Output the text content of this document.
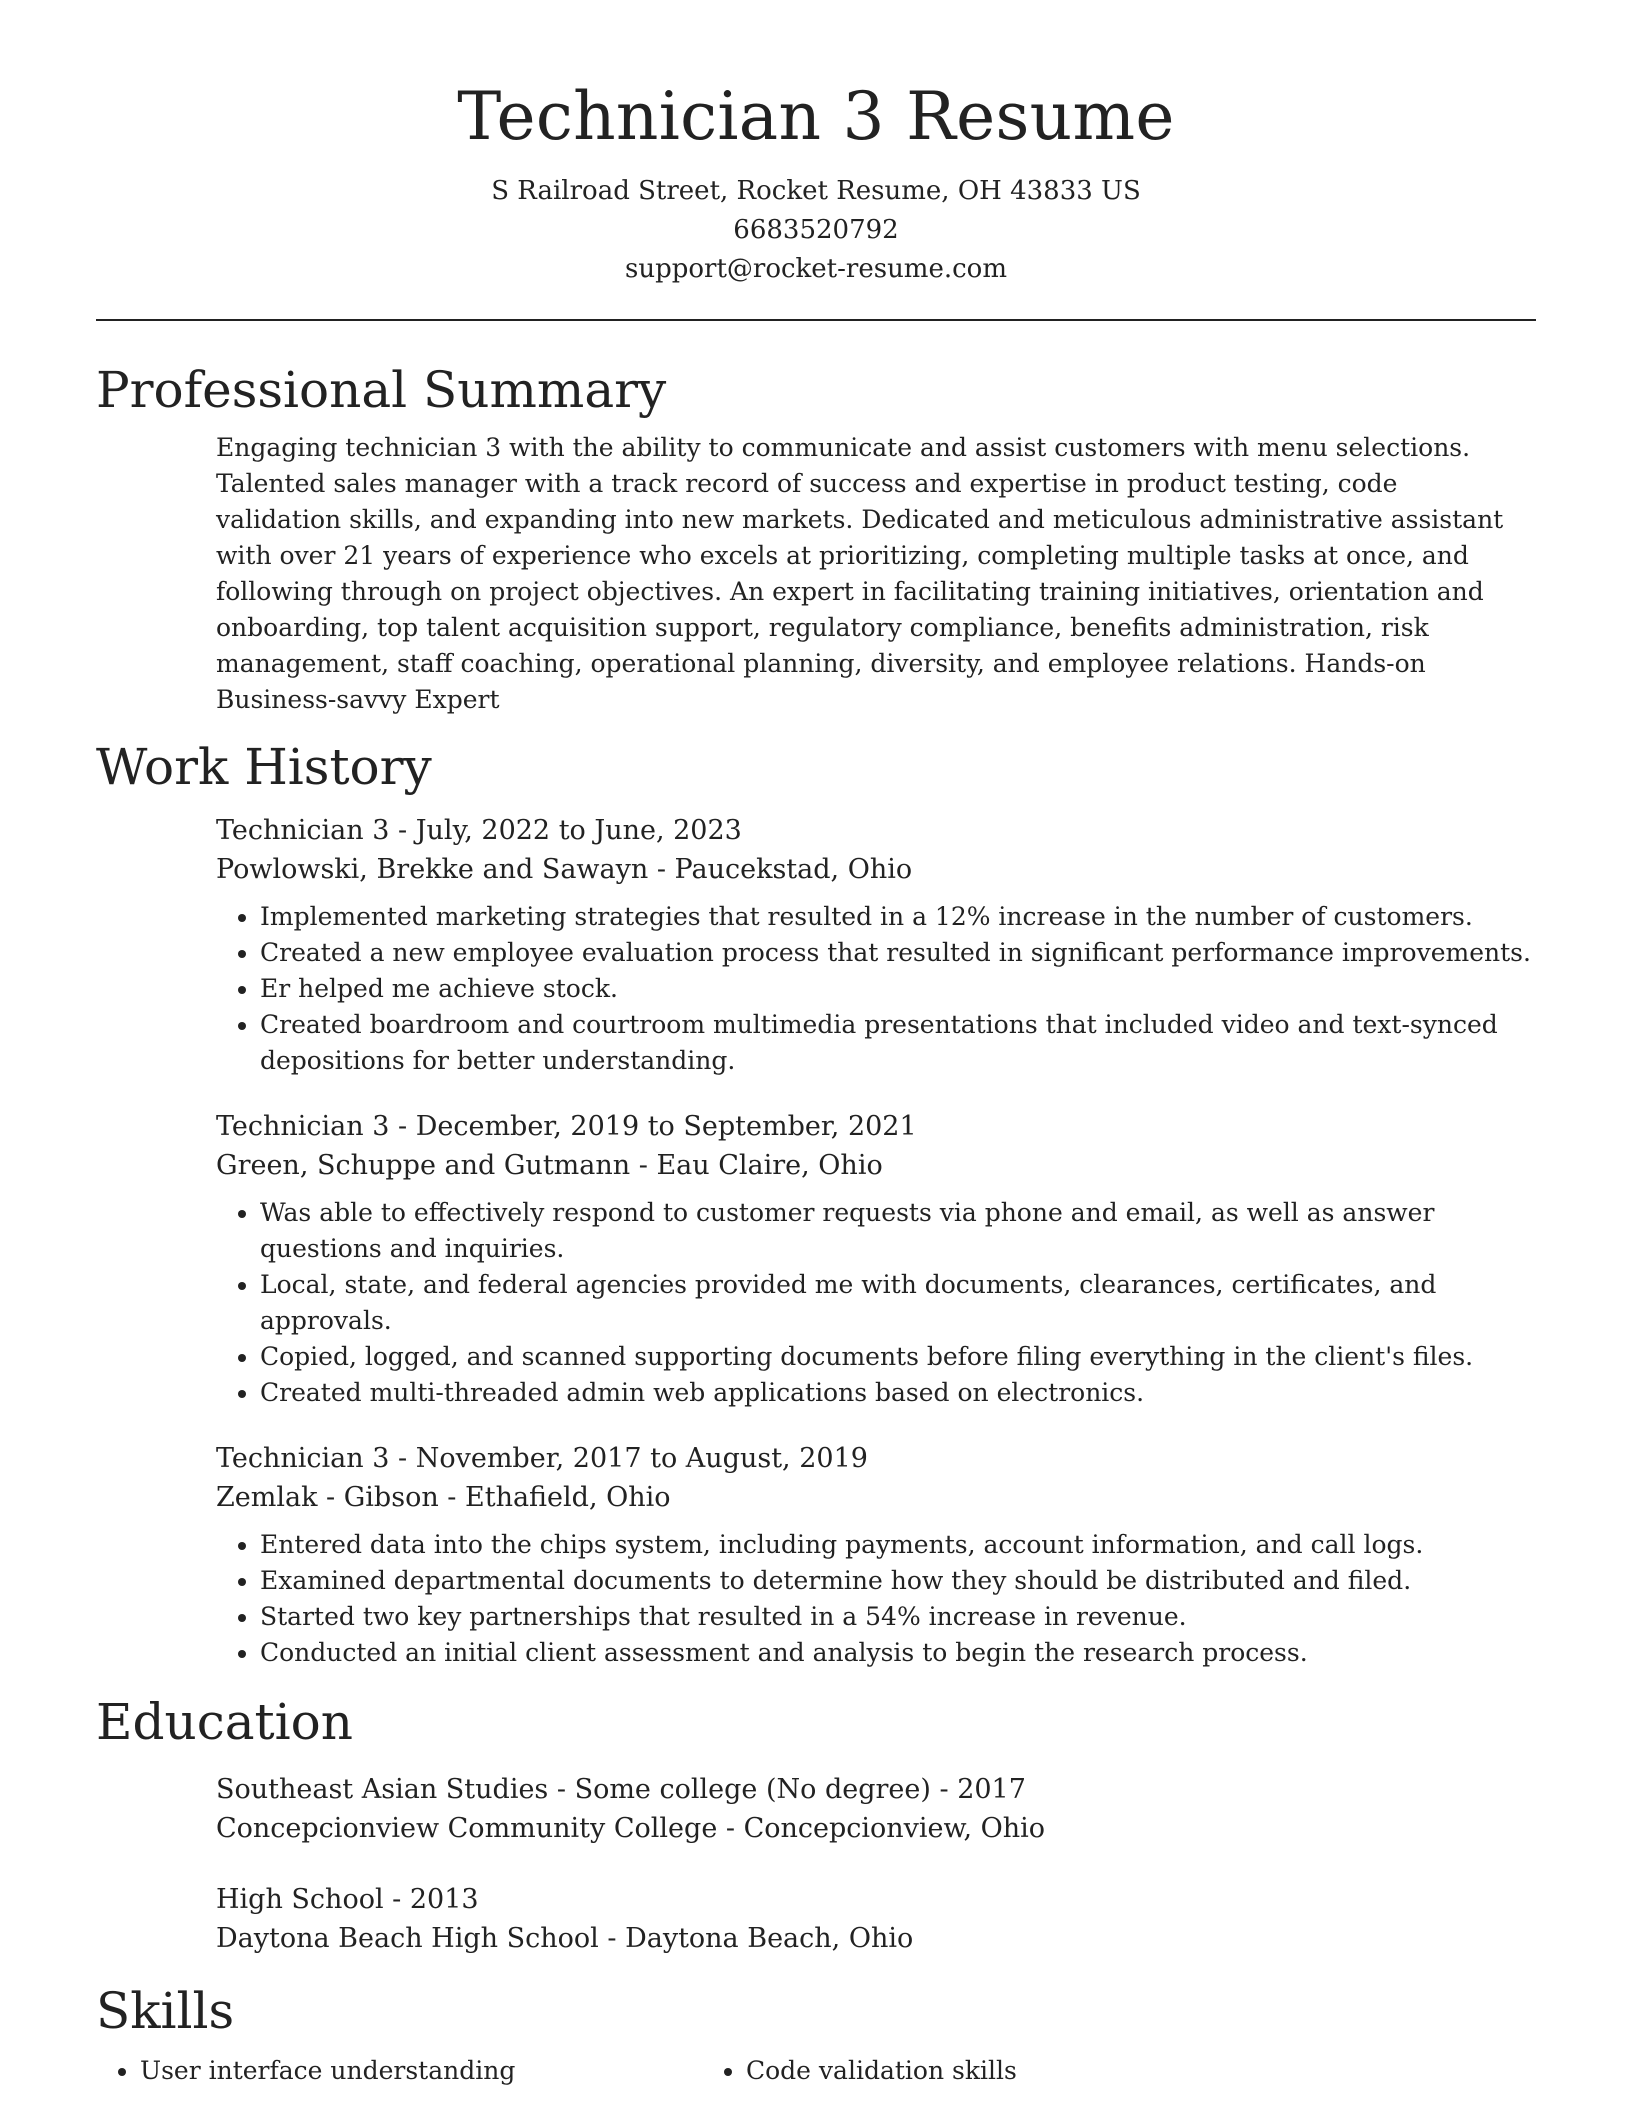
Technician 3 Resume
S Railroad Street, Rocket Resume, OH 43833 US
6683520792
support@rocket-resume.com
Professional Summary
Engaging technician 3 with the ability to communicate and assist customers with menu selections. Talented sales manager with a track record of success and expertise in product testing, code validation skills, and expanding into new markets. Dedicated and meticulous administrative assistant with over 21 years of experience who excels at prioritizing, completing multiple tasks at once, and following through on project objectives. An expert in facilitating training initiatives, orientation and onboarding, top talent acquisition support, regulatory compliance, benefits administration, risk management, staff coaching, operational planning, diversity, and employee relations. Hands-on Business-savvy Expert
Work History
Technician 3 - July, 2022 to June, 2023
Powlowski, Brekke and Sawayn - Paucekstad, Ohio
• Implemented marketing strategies that resulted in a 12% increase in the number of customers.
• Created a new employee evaluation process that resulted in significant performance improvements.
• Er helped me achieve stock.
• Created boardroom and courtroom multimedia presentations that included video and text-synced depositions for better understanding.
Technician 3 - December, 2019 to September, 2021
Green, Schuppe and Gutmann - Eau Claire, Ohio
• Was able to effectively respond to customer requests via phone and email, as well as answer questions and inquiries.
• Local, state, and federal agencies provided me with documents, clearances, certificates, and approvals.
• Copied, logged, and scanned supporting documents before filing everything in the client's files.
• Created multi-threaded admin web applications based on electronics.
Technician 3 - November, 2017 to August, 2019
Zemlak - Gibson - Ethafield, Ohio
• Entered data into the chips system, including payments, account information, and call logs.
• Examined departmental documents to determine how they should be distributed and filed.
• Started two key partnerships that resulted in a 54% increase in revenue.
• Conducted an initial client assessment and analysis to begin the research process.
Education
Southeast Asian Studies - Some college (No degree) - 2017
Concepcionview Community College - Concepcionview, Ohio
High School - 2013
Daytona Beach High School - Daytona Beach, Ohio
Skills
• User interface understanding
•	Code validation skills
